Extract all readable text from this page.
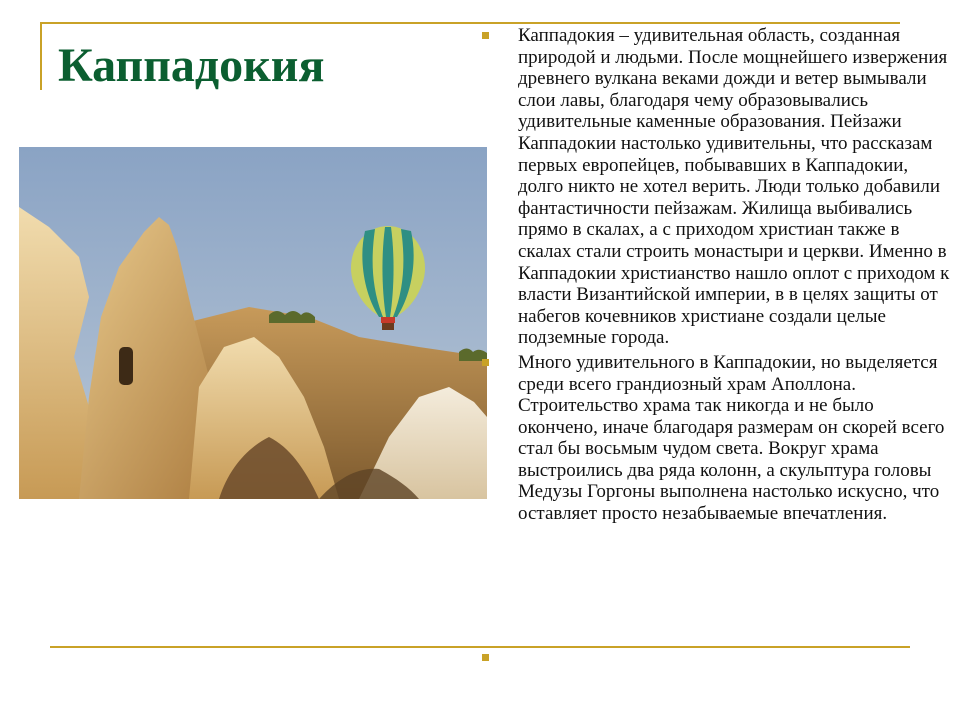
Каппадокия

Каппадокия – удивительная область, созданная природой и людьми. После мощнейшего извержения древнего вулкана веками дожди и ветер вымывали слои лавы, благодаря чему образовывались удивительные каменные образования. Пейзажи Каппадокии настолько удивительны, что рассказам первых европейцев, побывавших в Каппадокии, долго никто не хотел верить. Люди только добавили фантастичности пейзажам. Жилища выбивались прямо в скалах, а с приходом христиан также в скалах стали строить монастыри и церкви. Именно в Каппадокии христианство нашло оплот с приходом к власти Византийской империи, в в целях защиты от набегов кочевников христиане создали целые подземные города.

Много удивительного в Каппадокии, но выделяется среди всего грандиозный храм Аполлона. Строительство храма так никогда и не было окончено, иначе благодаря размерам он скорей всего стал бы восьмым чудом света. Вокруг храма выстроились два ряда колонн, а скульптура головы Медузы Горгоны выполнена настолько искусно, что оставляет просто незабываемые впечатления.
